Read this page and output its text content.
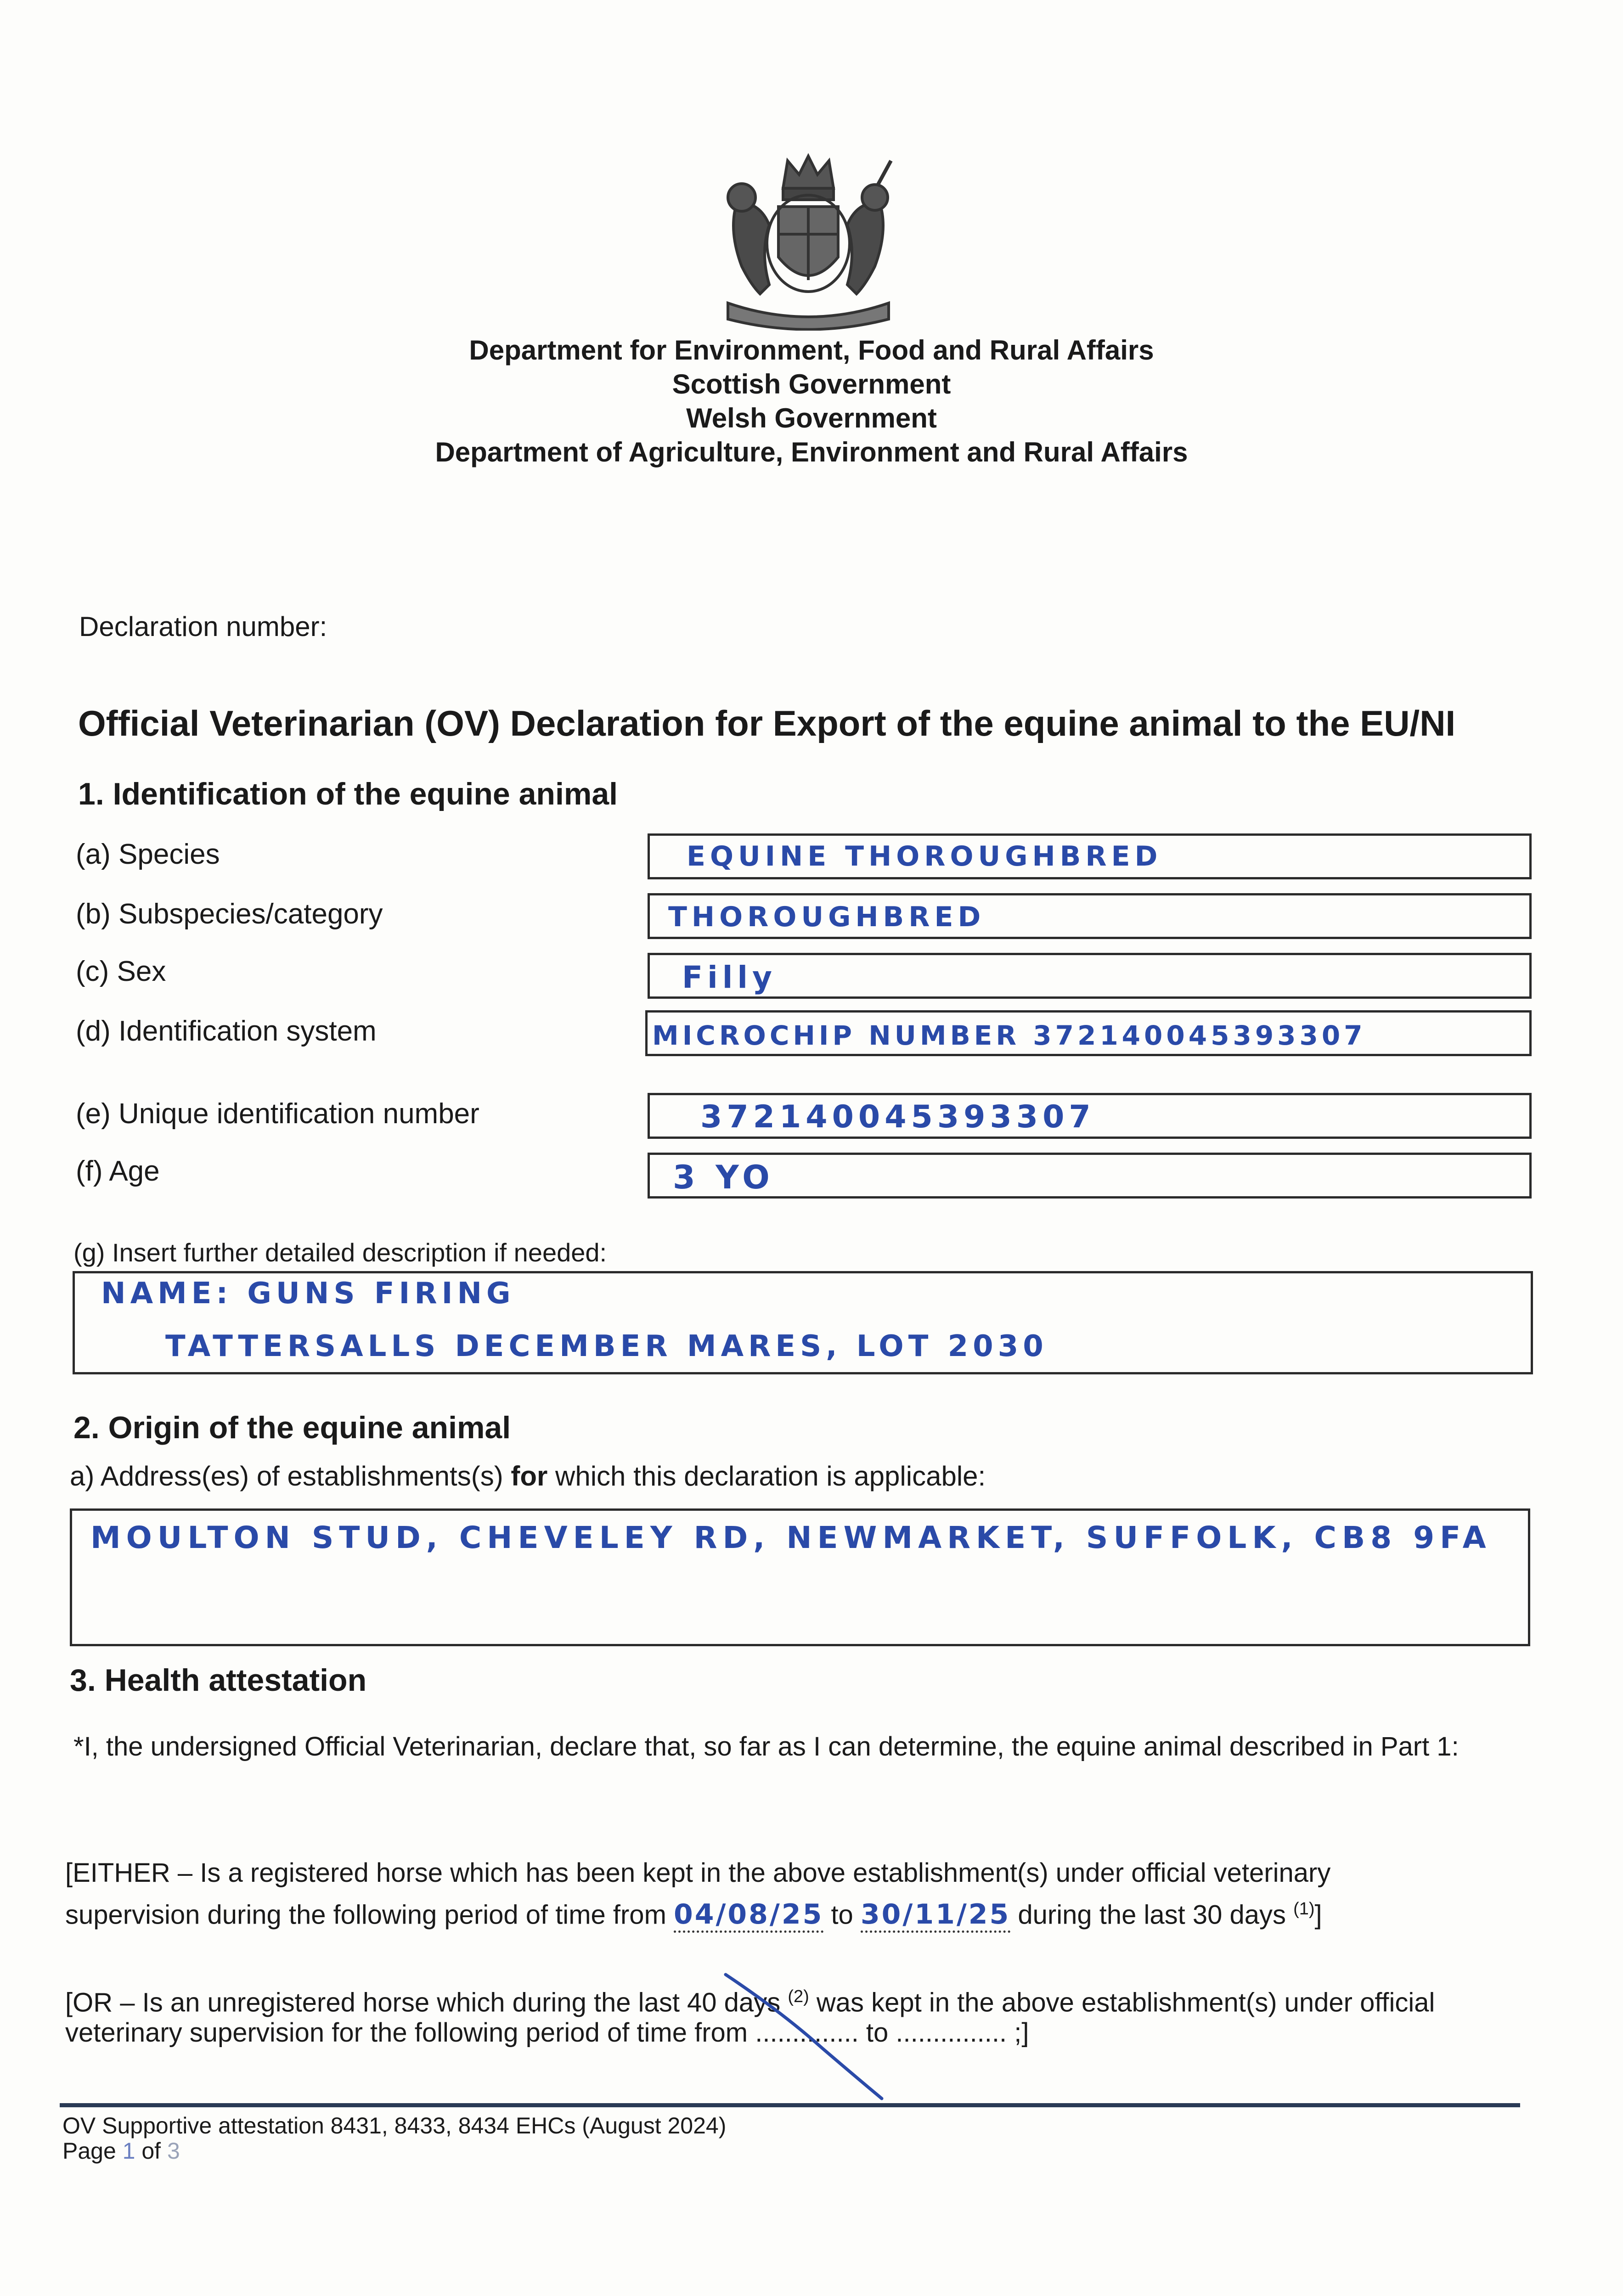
Department for Environment, Food and Rural Affairs
Scottish Government
Welsh Government
Department of Agriculture, Environment and Rural Affairs
Declaration number:
Official Veterinarian (OV) Declaration for Export of the equine animal to the EU/NI
1. Identification of the equine animal
(a) Species	EQUINE THOROUGHBRED
(b) Subspecies/category	THOROUGHBRED
(c) Sex	Filly
(d) Identification system	MICROCHIP NUMBER 372140045393307
(e) Unique identification number	372140045393307
(f) Age	3 YO
(g) Insert further detailed description if needed:
NAME: GUNS FIRING
TATTERSALLS DECEMBER MARES, LOT 2030
2. Origin of the equine animal
a) Address(es) of establishments(s) for which this declaration is applicable:
MOULTON STUD, CHEVELEY RD, NEWMARKET, SUFFOLK, CB8 9FA
3. Health attestation
*I, the undersigned Official Veterinarian, declare that, so far as I can determine, the equine animal described in Part 1:
[EITHER – Is a registered horse which has been kept in the above establishment(s) under official veterinary
supervision during the following period of time from 04/08/25 to 30/11/25 during the last 30 days $^{(1)}$]
[OR – Is an unregistered horse which during the last 40 days $^{(2)}$ was kept in the above establishment(s) under official
veterinary supervision for the following period of time from .............. to ............... ;]
OV Supportive attestation 8431, 8433, 8434 EHCs (August 2024)
Page 1 of 3
